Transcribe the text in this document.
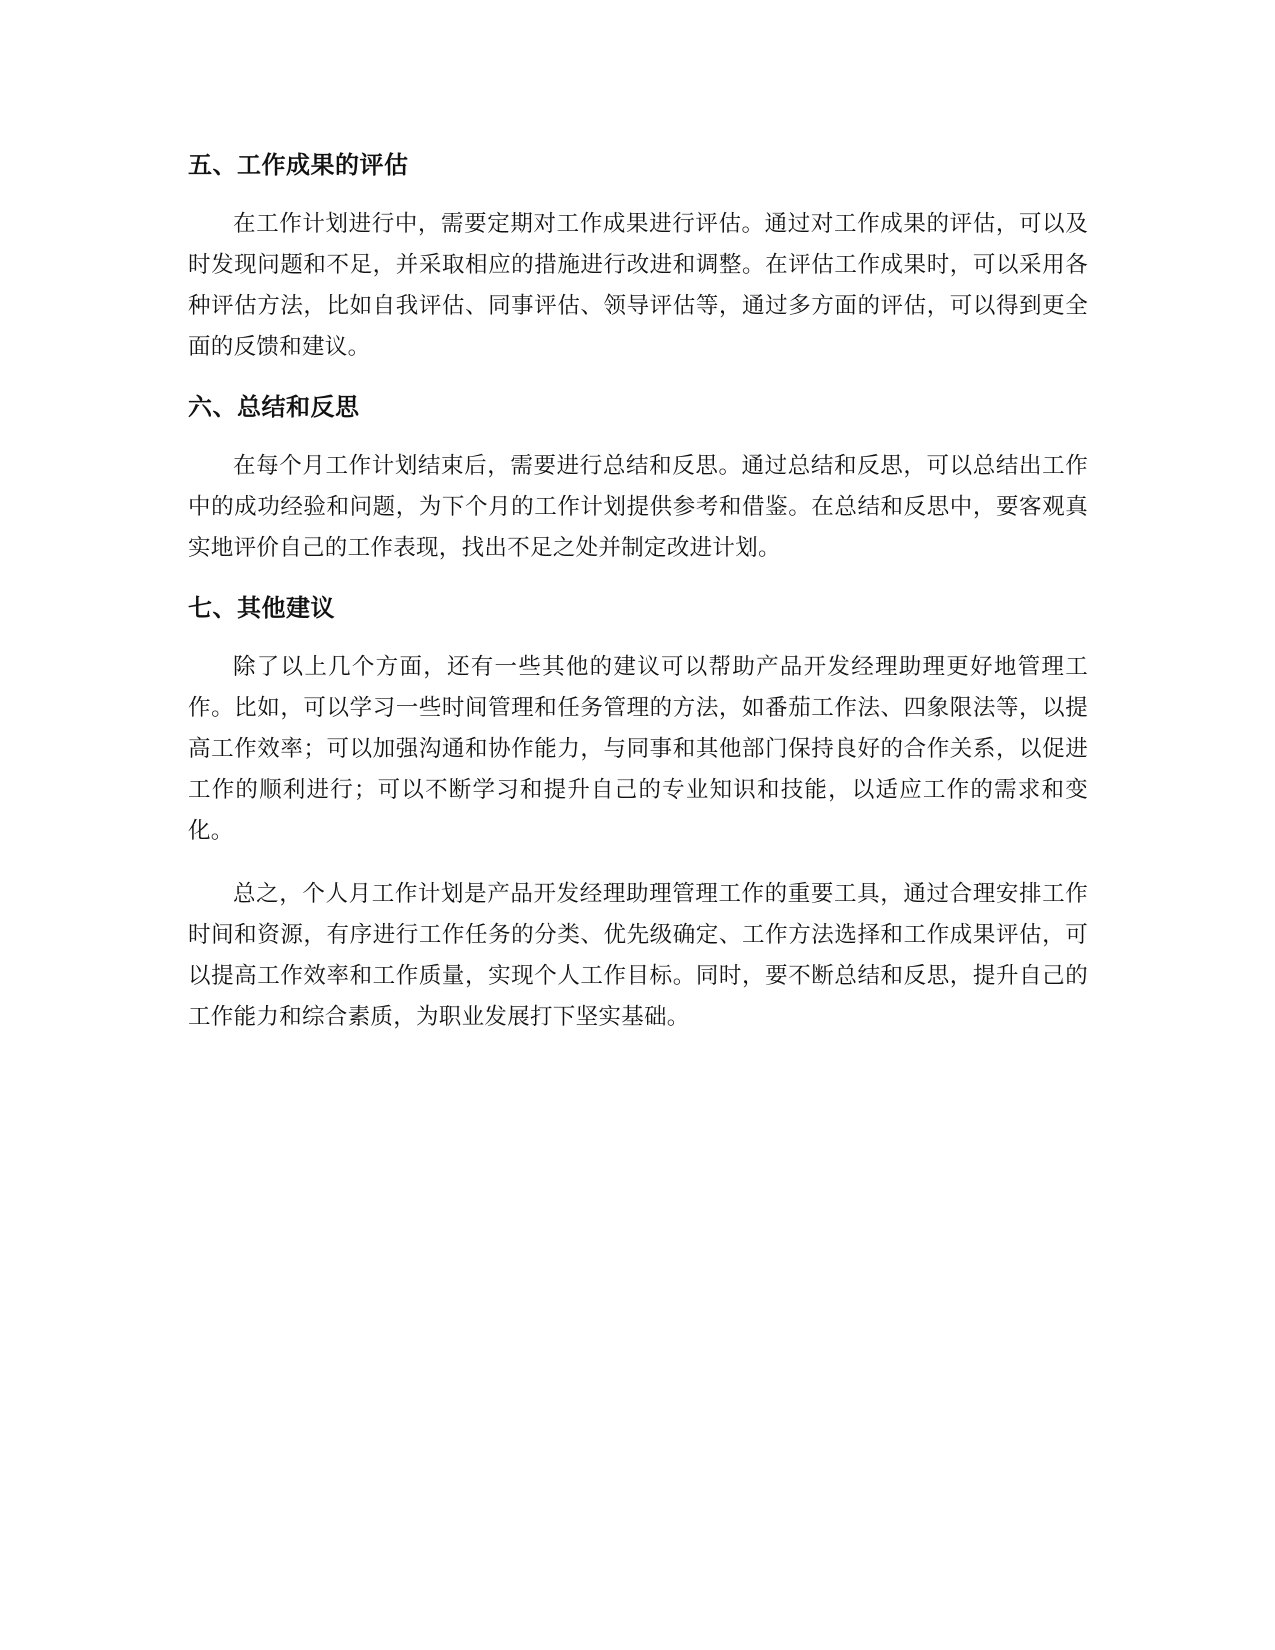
五、工作成果的评估

在工作计划进行中，需要定期对工作成果进行评估。通过对工作成果的评估，可以及时发现问题和不足，并采取相应的措施进行改进和调整。在评估工作成果时，可以采用各种评估方法，比如自我评估、同事评估、领导评估等，通过多方面的评估，可以得到更全面的反馈和建议。

六、总结和反思

在每个月工作计划结束后，需要进行总结和反思。通过总结和反思，可以总结出工作中的成功经验和问题，为下个月的工作计划提供参考和借鉴。在总结和反思中，要客观真实地评价自己的工作表现，找出不足之处并制定改进计划。

七、其他建议

除了以上几个方面，还有一些其他的建议可以帮助产品开发经理助理更好地管理工作。比如，可以学习一些时间管理和任务管理的方法，如番茄工作法、四象限法等，以提高工作效率；可以加强沟通和协作能力，与同事和其他部门保持良好的合作关系，以促进工作的顺利进行；可以不断学习和提升自己的专业知识和技能，以适应工作的需求和变化。

总之，个人月工作计划是产品开发经理助理管理工作的重要工具，通过合理安排工作时间和资源，有序进行工作任务的分类、优先级确定、工作方法选择和工作成果评估，可以提高工作效率和工作质量，实现个人工作目标。同时，要不断总结和反思，提升自己的工作能力和综合素质，为职业发展打下坚实基础。
